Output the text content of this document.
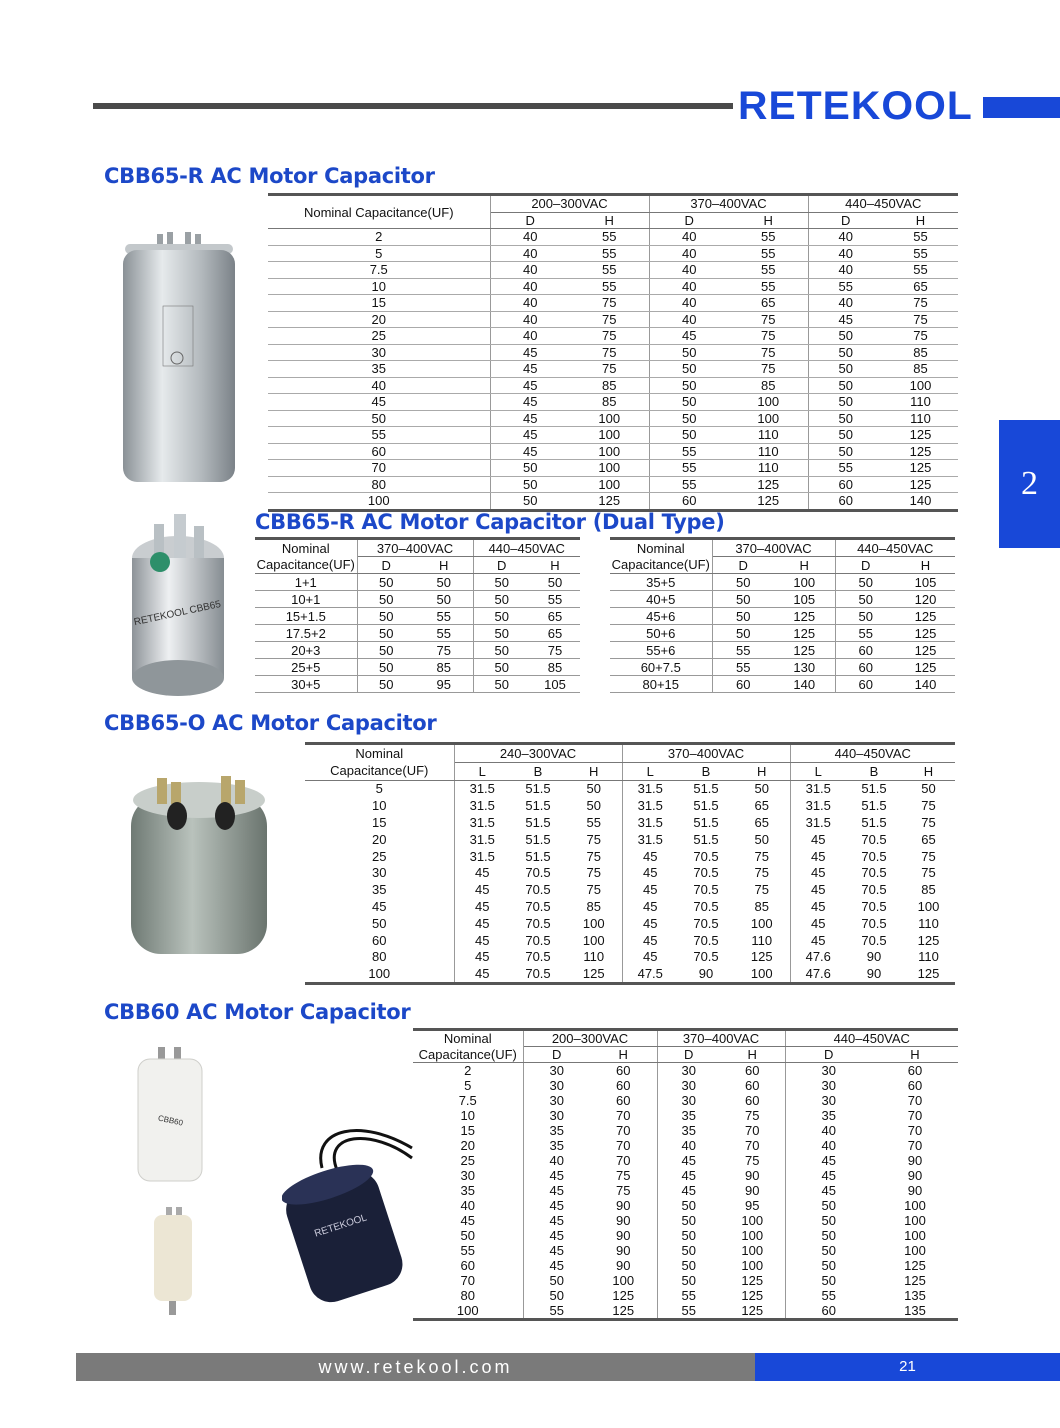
RETEKOOL
2
CBB65-R AC Motor Capacitor
Nominal Capacitance(UF)	200–300VAC		370–400VAC		440–450VAC	
	D	H	D	H	D	H
2	40	55	40	55	40	55
5	40	55	40	55	40	55
7.5	40	55	40	55	40	55
10	40	55	40	55	55	65
15	40	75	40	65	40	75
20	40	75	40	75	45	75
25	40	75	45	75	50	75
30	45	75	50	75	50	85
35	45	75	50	75	50	85
40	45	85	50	85	50	100
45	45	85	50	100	50	110
50	45	100	50	100	50	110
55	45	100	50	110	50	125
60	45	100	55	110	50	125
70	50	100	55	110	55	125
80	50	100	55	125	60	125
100	50	125	60	125	60	140
CBB65-R AC Motor Capacitor (Dual Type)
RETEKOOL CBB65
Nominal	370–400VAC		440–450VAC	
Capacitance(UF)	D	H	D	H
1+1	50	50	50	50
10+1	50	50	50	55
15+1.5	50	55	50	65
17.5+2	50	55	50	65
20+3	50	75	50	75
25+5	50	85	50	85
30+5	50	95	50	105
Nominal	370–400VAC		440–450VAC	
Capacitance(UF)	D	H	D	H
35+5	50	100	50	105
40+5	50	105	50	120
45+6	50	125	50	125
50+6	50	125	55	125
55+6	55	125	60	125
60+7.5	55	130	60	125
80+15	60	140	60	140
CBB65-O AC Motor Capacitor
Nominal	240–300VAC			370–400VAC			440–450VAC		
Capacitance(UF)	L	B	H	L	B	H	L	B	H
5	31.5	51.5	50	31.5	51.5	50	31.5	51.5	50
10	31.5	51.5	50	31.5	51.5	65	31.5	51.5	75
15	31.5	51.5	55	31.5	51.5	65	31.5	51.5	75
20	31.5	51.5	75	31.5	51.5	50	45	70.5	65
25	31.5	51.5	75	45	70.5	75	45	70.5	75
30	45	70.5	75	45	70.5	75	45	70.5	75
35	45	70.5	75	45	70.5	75	45	70.5	85
45	45	70.5	85	45	70.5	85	45	70.5	100
50	45	70.5	100	45	70.5	100	45	70.5	110
60	45	70.5	100	45	70.5	110	45	70.5	125
80	45	70.5	110	45	70.5	125	47.6	90	110
100	45	70.5	125	47.5	90	100	47.6	90	125
CBB60 AC Motor Capacitor
CBB60
RETEKOOL
Nominal	200–300VAC		370–400VAC		440–450VAC	
Capacitance(UF)	D	H	D	H	D	H
2	30	60	30	60	30	60
5	30	60	30	60	30	60
7.5	30	60	30	60	30	70
10	30	70	35	75	35	70
15	35	70	35	70	40	70
20	35	70	40	70	40	70
25	40	70	45	75	45	90
30	45	75	45	90	45	90
35	45	75	45	90	45	90
40	45	90	50	95	50	100
45	45	90	50	100	50	100
50	45	90	50	100	50	100
55	45	90	50	100	50	100
60	45	90	50	100	50	125
70	50	100	50	125	50	125
80	50	125	55	125	55	135
100	55	125	55	125	60	135
www.retekool.com	21
